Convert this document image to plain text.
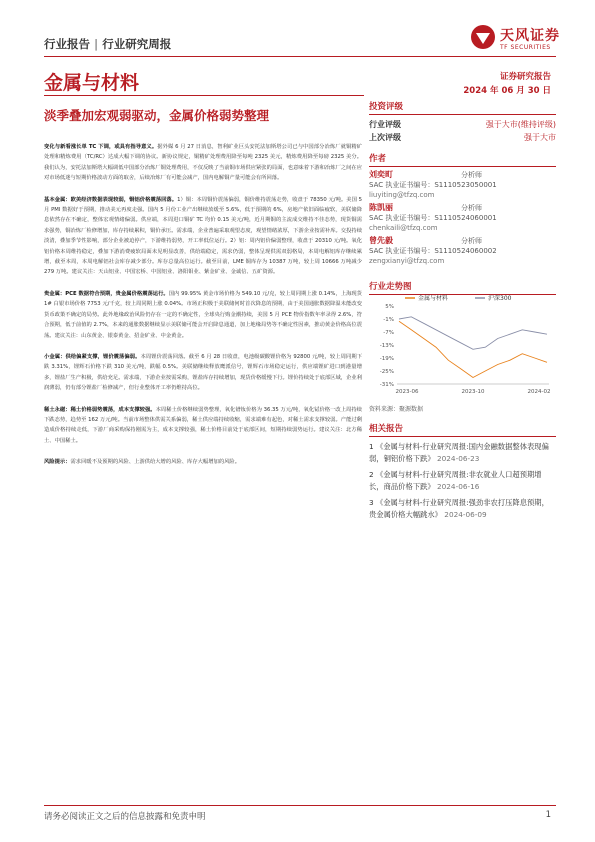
行业报告 | 行业研究周报	天风证券
TF SECURITIES
金属与材料	证券研究报告
2024 年 06 月 30 日
淡季叠加宏观弱驱动，金属价格弱势整理

变化与新看涨长单 TC 下调，或具有指导意义。据外媒 6 月 27 日消息，智利矿业巨头安托法加斯塔公司已与中国部分冶炼厂就铜精矿处理和精炼费用（TC/RC）达成大幅下调的协议。新协议规定，铜精矿处理费用降至每吨 2325 美元，精炼费用降至每磅 2325 美分。我们认为，安托法加斯塔大幅调低中国部分冶炼厂铜处理费用，不仅反映了当前铜市场供应紧张的局面，也意味着下游和冶炼厂之间在应对市场低迷与短期价格波动方面的取舍，后续冶炼厂有可能会减产，国内电解铜产量可能会有所回落。

基本金属：欧美经济数据表现较弱，铜铝价格震荡回落。1）铜：本周铜价震荡偏弱，铜价维持震荡走势，收盘于 78350 元/吨。美国 5 月 PMI 数据好于预期，推动美元再度走强。国内 5 月份工业产出继续放缓至 5.6%，低于预期的 6%，房地产依旧面临疲软，美联储降息依然存在不确定，整体宏观情绪偏弱。供应端，本周进口铜矿 TC 均价 0.15 美元/吨，近月期铜的主流成交维持不佳态势，现货铜需求强势，铜冶炼厂检修增加，库存持续累积，铜价承压。需求端，企业普遍采取观望态度，观望情绪浓厚，下游企业按需补库。交投持续淡清，叠加季节性影响，部分企业被迫停产，下游维持弱势，开工率低位运行。2）铝：周内铝价偏弱整理，收盘于 20310 元/吨。氧化铝价格本周维持稳定，叠加下游消费疲软局面未见明显改善，供给端稳定，需求仍弱，整体呈现供需双弱格局，本周电解铝库存继续累增，截至本周，本周电解铝社会库存减少部分。库存总量高位运行。截至目前，LME 铜库存为 10387 万吨，较上周 10666 万吨减少 279 万吨。建议关注：天山铝业、中国宏桥、中国铝业、洛阳钼业、紫金矿业、金诚信、五矿资源。

贵金属：PCE 数据符合预期，贵金属价格震荡运行。国内 99.95% 黄金市场价格为 549.10 元/克，较上周同期上涨 0.14%，上海现货 1# 白银市场价格 7753 元/千克，较上周同期上涨 0.04%。市场正积极于美联储何时首次降息的预期，由于美国通胀数据降温未能改变货币政策不确定的局势。此外地缘政治风险仍存在一定的不确定性，全球央行购金潮持续，美国 5 月 PCE 物价指数年率录得 2.6%，符合预期，低于前值的 2.7%，本来的通胀数据继续显示美联储可能会开启降息通道，加上地缘局势等不确定性因素，推动黄金价格高位震荡。建议关注：山东黄金、银泰黄金、招金矿业、中金黄金。

小金属：供给偏紧支撑，锂价震荡偏弱。本周锂价震荡回落。截至 6 月 28 日收盘，电池级碳酸锂价格为 92800 元/吨，较上周同期下跌 3.31%，锂辉石价格下跌 310 美元/吨，跌幅 0.5%。美联储继续释放鹰派信号，锂辉石市场稳定运行，供应端锂矿进口到港量增多，锂盐厂生产积极，供给充足。需求端，下游企业按需采购，锂盐库存持续增加，现货价格缓慢下行。锂价持续处于底部区域，企业利润薄弱，仍有部分锂盐厂检修减产，但行业整体开工率仍维持高位。

稀土永磁：稀土价格弱势震荡，成本支撑较强。本周稀土价格继续弱势整理，氧化镨钕价格为 36.35 万元/吨，氧化铽价格一改上周持续下跌态势，趋势至 162 万元/吨。当前市场整体供需关系偏弱，稀土供应端持续收缩，需求端难有起色，对稀土需求支撑较弱。产能过剩造成价格持续走低，下游厂商采购保持刚需为主，成本支撑较强，稀土价格目前处于底部区间，短期持续弱势运行。建议关注：北方稀土、中国稀土。

风险提示：需求回暖不及预期的风险、上游供给大增的风险、库存大幅增加的风险。

投资评级
行业评级	强于大市(维持评级)
上次评级	强于大市
作者
刘奕町	分析师
SAC 执业证书编号：S1110523050001
liuyiting@tfzq.com
陈凯丽	分析师
SAC 执业证书编号：S1110524060001
chenkaili@tfzq.com
曾先毅	分析师
SAC 执业证书编号：S1110524060002
zengxianyi@tfzq.com
行业走势图
5%
-1%
-7%
-13%
-19%
-25%
-31%
2023-06	2023-10	2024-02
金属与材料	沪深300
资料来源：聚源数据
相关报告
1 《金属与材料-行业研究周报:国内金融数据整体表现偏弱，铜铝价格下跌》 2024-06-23
2 《金属与材料-行业研究周报:非农就业人口超预期增长，商品价格下跌》 2024-06-16
3 《金属与材料-行业研究周报:强劲非农打压降息预期，贵金属价格大幅跳水》 2024-06-09
请务必阅读正文之后的信息披露和免责申明	1
